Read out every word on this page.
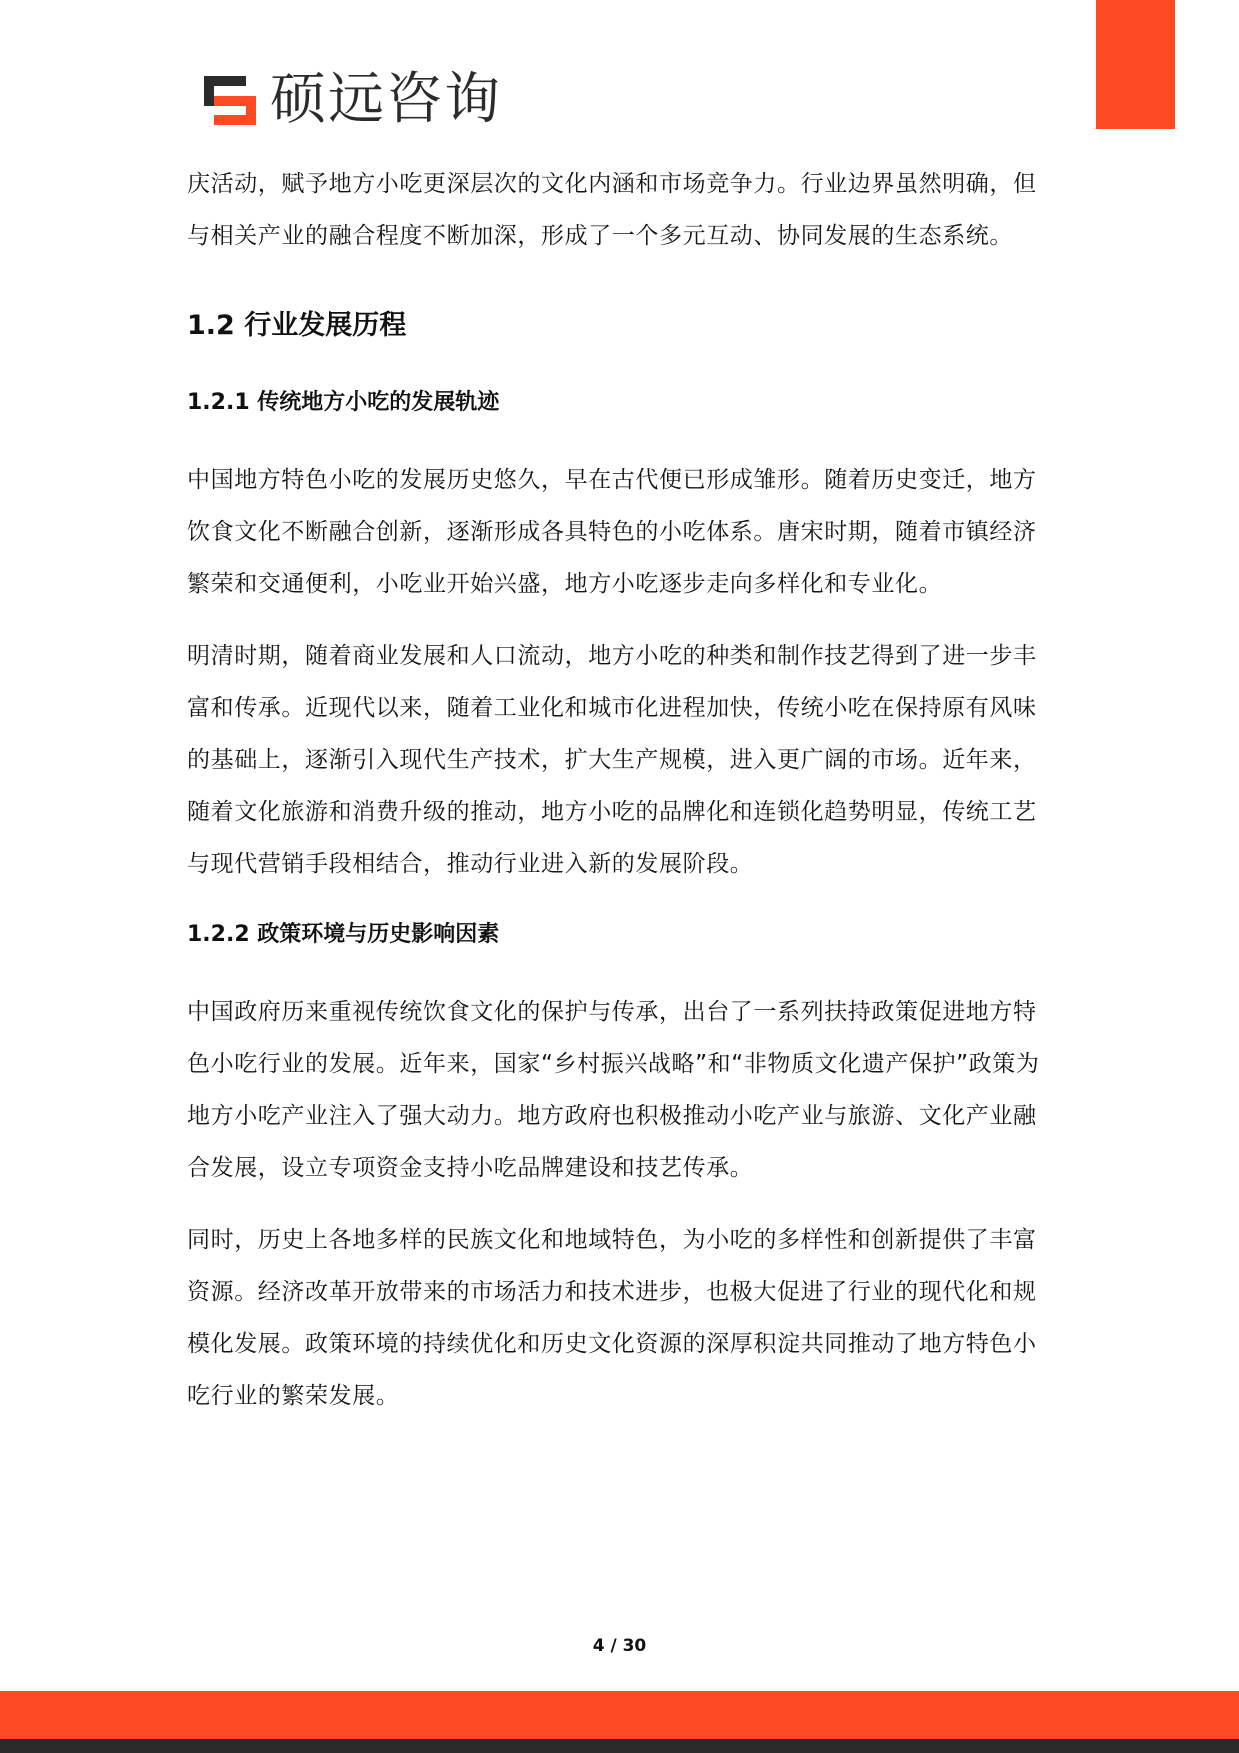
硕远咨询

庆活动，赋予地方小吃更深层次的文化内涵和市场竞争力。行业边界虽然明确，但与相关产业的融合程度不断加深，形成了一个多元互动、协同发展的生态系统。

1.2 行业发展历程
1.2.1 传统地方小吃的发展轨迹

中国地方特色小吃的发展历史悠久，早在古代便已形成雏形。随着历史变迁，地方饮食文化不断融合创新，逐渐形成各具特色的小吃体系。唐宋时期，随着市镇经济繁荣和交通便利，小吃业开始兴盛，地方小吃逐步走向多样化和专业化。

明清时期，随着商业发展和人口流动，地方小吃的种类和制作技艺得到了进一步丰富和传承。近现代以来，随着工业化和城市化进程加快，传统小吃在保持原有风味的基础上，逐渐引入现代生产技术，扩大生产规模，进入更广阔的市场。近年来，随着文化旅游和消费升级的推动，地方小吃的品牌化和连锁化趋势明显，传统工艺与现代营销手段相结合，推动行业进入新的发展阶段。

1.2.2 政策环境与历史影响因素

中国政府历来重视传统饮食文化的保护与传承，出台了一系列扶持政策促进地方特色小吃行业的发展。近年来，国家“乡村振兴战略”和“非物质文化遗产保护”政策为地方小吃产业注入了强大动力。地方政府也积极推动小吃产业与旅游、文化产业融合发展，设立专项资金支持小吃品牌建设和技艺传承。

同时，历史上各地多样的民族文化和地域特色，为小吃的多样性和创新提供了丰富资源。经济改革开放带来的市场活力和技术进步，也极大促进了行业的现代化和规模化发展。政策环境的持续优化和历史文化资源的深厚积淀共同推动了地方特色小吃行业的繁荣发展。

4 / 30
